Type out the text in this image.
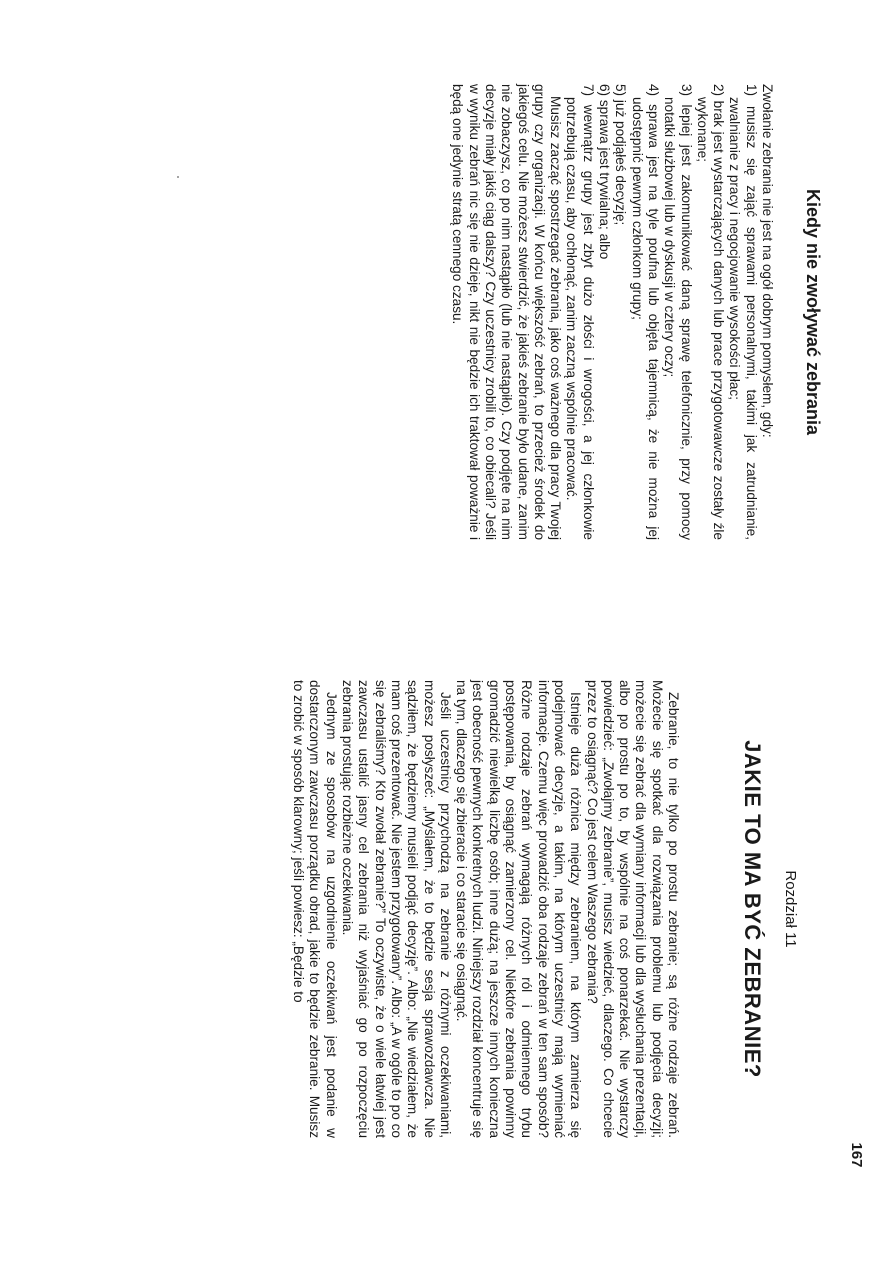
Kiedy nie zwoływać zebrania

Zwołanie zebrania nie jest na ogół dobrym pomysłem, gdy:

1) musisz się zająć sprawami personalnymi, takimi jak zatrudnianie, zwalnianie z pracy i negocjowanie wysokości płac;

2) brak jest wystarczających danych lub prace przygotowawcze zostały źle wykonane;

3) lepiej jest zakomunikować daną sprawę telefonicznie, przy pomocy notatki służbowej lub w dyskusji w cztery oczy;

4) sprawa jest na tyle poufna lub objęta tajemnicą, że nie można jej udostępnić pewnym członkom grupy;

5) już podjąłeś decyzję;

6) sprawa jest trywialna; albo

7) wewnątrz grupy jest zbyt dużo złości i wrogości, a jej członkowie potrzebują czasu, aby ochłonąć, zanim zaczną wspólnie pracować.

Musisz zacząć spostrzegać zebrania, jako coś ważnego dla pracy Twojej grupy czy organizacji. W końcu większość zebrań, to przecież środek do jakiegoś celu. Nie możesz stwierdzić, że jakieś zebranie było udane, zanim nie zobaczysz, co po nim nastąpiło (lub nie nastąpiło). Czy podjęte na nim decyzje miały jakiś ciąg dalszy? Czy uczestnicy zrobili to, co obiecali? Jeśli w wyniku zebrań nic się nie dzieje, nikt nie będzie ich traktował poważnie i będą one jedynie stratą cennego czasu.

Rozdział 11
JAKIE TO MA BYĆ ZEBRANIE?

Zebranie, to nie tylko po prostu zebranie; są różne rodzaje zebrań. Możecie się spotkać dla rozwiązania problemu lub podjęcia decyzji; możecie się zebrać dla wymiany informacji lub dla wysłuchania prezentacji, albo po prostu po to, by wspólnie na coś ponarzekać. Nie wystarczy powiedzieć: „Zwołajmy zebranie”, musisz wiedzieć, dlaczego. Co chcecie przez to osiągnąć? Co jest celem Waszego zebrania?

Istnieje duża różnica między zebraniem, na którym zamierza się podejmować decyzje, a takim, na którym uczestnicy mają wymieniać informacje. Czemu więc prowadzić oba rodzaje zebrań w ten sam sposób? Różne rodzaje zebrań wymagają różnych ról i odmiennego trybu postępowania, by osiągnąć zamierzony cel. Niektóre zebrania powinny gromadzić niewielką liczbę osób; inne dużą; na jeszcze innych konieczna jest obecność pewnych konkretnych ludzi. Niniejszy rozdział koncentruje się na tym, dlaczego się zbieracie i co staracie się osiągnąć.

Jeśli uczestnicy przychodzą na zebranie z różnymi oczekiwaniami, możesz posłyszeć: „Myślałem, że to będzie sesja sprawozdawcza. Nie sądziłem, że będziemy musieli podjąć decyzję”. Albo: „Nie wiedziałem, że mam coś prezentować. Nie jestem przygotowany”. Albo: „A w ogóle to po co się zebraliśmy? Kto zwołał zebranie?” To oczywiste, że o wiele łatwiej jest zawczasu ustalić jasny cel zebrania niż wyjaśniać go po rozpoczęciu zebrania prostując rozbieżne oczekiwania.

Jednym ze sposobów na uzgodnienie oczekiwań jest podanie w dostarczonym zawczasu porządku obrad, jakie to będzie zebranie. Musisz to zrobić w sposób klarowny; jeśli powiesz: „Będzie to

167
